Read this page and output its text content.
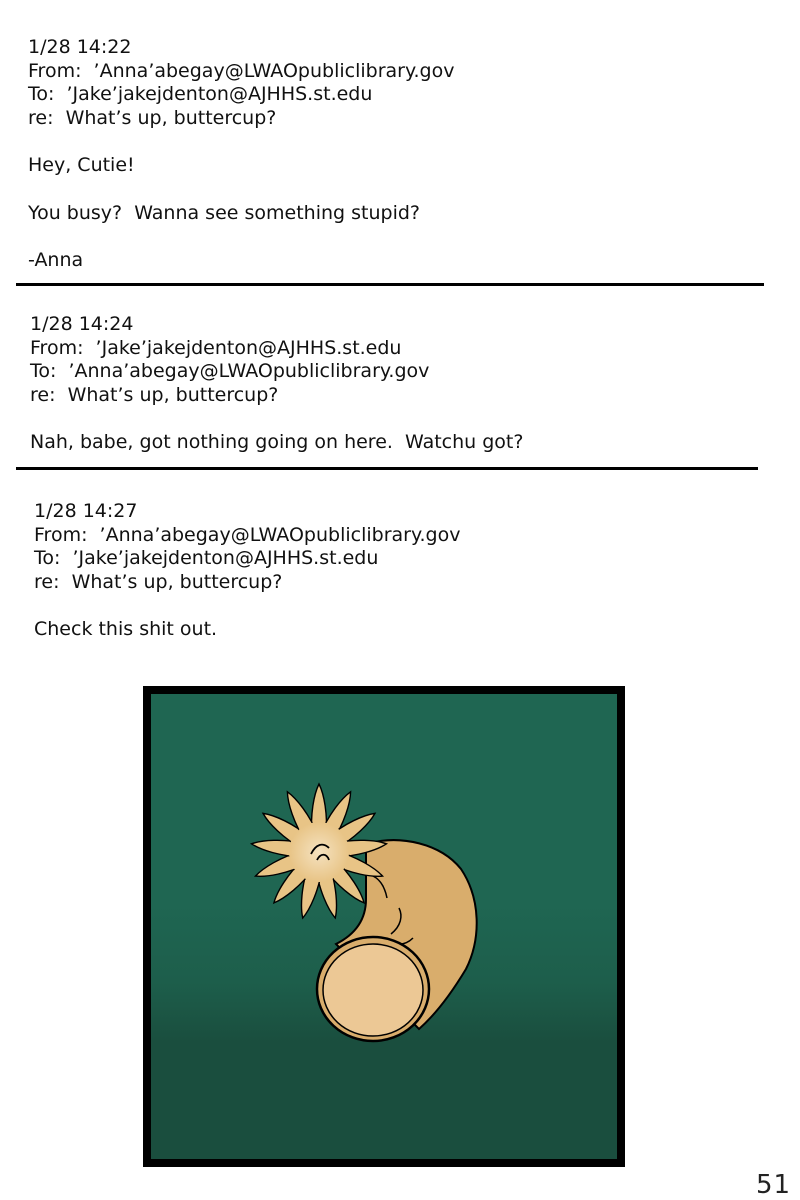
1/28 14:22
From:  ’Anna’abegay@LWAOpubliclibrary.gov
To:  ’Jake’jakejdenton@AJHHS.st.edu
re:  What’s up, buttercup?
Hey, Cutie!
You busy?  Wanna see something stupid?
-Anna
1/28 14:24
From:  ’Jake’jakejdenton@AJHHS.st.edu
To:  ’Anna’abegay@LWAOpubliclibrary.gov
re:  What’s up, buttercup?
Nah, babe, got nothing going on here.  Watchu got?
1/28 14:27
From:  ’Anna’abegay@LWAOpubliclibrary.gov
To:  ’Jake’jakejdenton@AJHHS.st.edu
re:  What’s up, buttercup?
Check this shit out.
51
